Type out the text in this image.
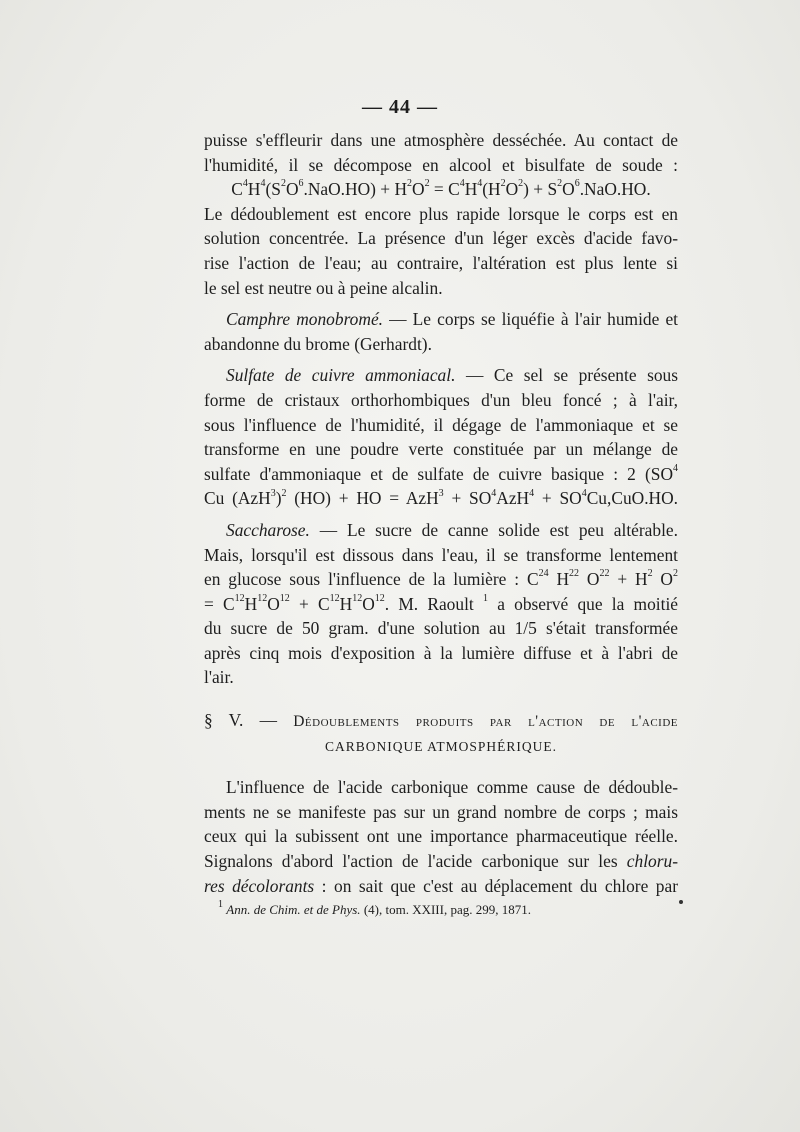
— 44 —
puisse s'effleurir dans une atmosphère desséchée. Au contact de
l'humidité, il se décompose en alcool et bisulfate de soude :
$C^4H^4(S^2O^6.NaO.HO) + H^2O^2 = C^4H^4(H^2O^2) + S^2O^6.NaO.HO$.
Le dédoublement est encore plus rapide lorsque le corps est en
solution concentrée. La présence d'un léger excès d'acide favo-
rise l'action de l'eau; au contraire, l'altération est plus lente si
le sel est neutre ou à peine alcalin.
Camphre monobromé. — Le corps se liquéfie à l'air humide et
abandonne du brome (Gerhardt).
Sulfate de cuivre ammoniacal. — Ce sel se présente sous
forme de cristaux orthorhombiques d'un bleu foncé ; à l'air,
sous l'influence de l'humidité, il dégage de l'ammoniaque et se
transforme en une poudre verte constituée par un mélange de
sulfate d'ammoniaque et de sulfate de cuivre basique : 2 ($SO^4$
Cu $(AzH^3)^2$ (HO) + HO = $AzH^3 + SO^4AzH^4 + SO^4Cu,CuO.HO$.
Saccharose. — Le sucre de canne solide est peu altérable.
Mais, lorsqu'il est dissous dans l'eau, il se transforme lentement
en glucose sous l'influence de la lumière : $C^{24}$ $H^{22}$ $O^{22} + H^2$ $O^2$
= $C^{12}H^{12}O^{12} + C^{12}H^{12}O^{12}$. M. Raoult $^1$ a observé que la moitié
du sucre de 50 gram. d'une solution au 1/5 s'était transformée
après cinq mois d'exposition à la lumière diffuse et à l'abri de
l'air.
§ V. — Dédoublements produits par l'action de l'acide
CARBONIQUE ATMOSPHÉRIQUE.
L'influence de l'acide carbonique comme cause de dédouble-
ments ne se manifeste pas sur un grand nombre de corps ; mais
ceux qui la subissent ont une importance pharmaceutique réelle.
Signalons d'abord l'action de l'acide carbonique sur les chloru-
res décolorants : on sait que c'est au déplacement du chlore par
$^1$ Ann. de Chim. et de Phys. (4), tom. XXIII, pag. 299, 1871.
